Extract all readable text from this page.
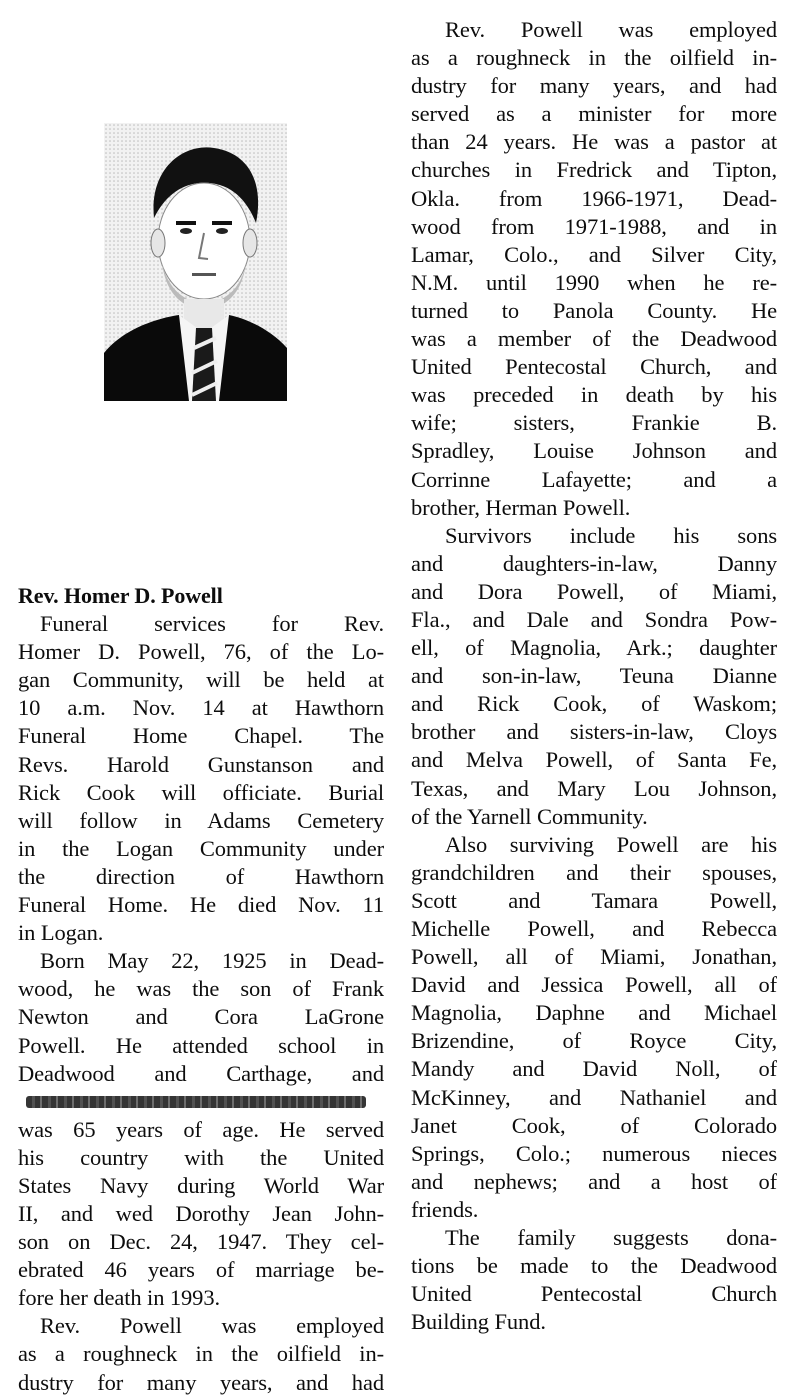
Rev. Homer D. Powell
Funeral services for Rev.
Homer D. Powell, 76, of the Lo-
gan Community, will be held at
10 a.m. Nov. 14 at Hawthorn
Funeral Home Chapel. The
Revs. Harold Gunstanson and
Rick Cook will officiate. Burial
will follow in Adams Cemetery
in the Logan Community under
the direction of Hawthorn
Funeral Home. He died Nov. 11
in Logan.
Born May 22, 1925 in Dead-
wood, he was the son of Frank
Newton and Cora LaGrone
Powell. He attended school in
Deadwood and Carthage, and
was 65 years of age. He served
his country with the United
States Navy during World War
II, and wed Dorothy Jean John-
son on Dec. 24, 1947. They cel-
ebrated 46 years of marriage be-
fore her death in 1993.
Rev. Powell was employed
as a roughneck in the oilfield in-
dustry for many years, and had
Rev. Powell was employed
as a roughneck in the oilfield in-
dustry for many years, and had
served as a minister for more
than 24 years. He was a pastor at
churches in Fredrick and Tipton,
Okla. from 1966-1971, Dead-
wood from 1971-1988, and in
Lamar, Colo., and Silver City,
N.M. until 1990 when he re-
turned to Panola County. He
was a member of the Deadwood
United Pentecostal Church, and
was preceded in death by his
wife; sisters, Frankie B.
Spradley, Louise Johnson and
Corrinne Lafayette; and a
brother, Herman Powell.
Survivors include his sons
and daughters-in-law, Danny
and Dora Powell, of Miami,
Fla., and Dale and Sondra Pow-
ell, of Magnolia, Ark.; daughter
and son-in-law, Teuna Dianne
and Rick Cook, of Waskom;
brother and sisters-in-law, Cloys
and Melva Powell, of Santa Fe,
Texas, and Mary Lou Johnson,
of the Yarnell Community.
Also surviving Powell are his
grandchildren and their spouses,
Scott and Tamara Powell,
Michelle Powell, and Rebecca
Powell, all of Miami, Jonathan,
David and Jessica Powell, all of
Magnolia, Daphne and Michael
Brizendine, of Royce City,
Mandy and David Noll, of
McKinney, and Nathaniel and
Janet Cook, of Colorado
Springs, Colo.; numerous nieces
and nephews; and a host of
friends.
The family suggests dona-
tions be made to the Deadwood
United Pentecostal Church
Building Fund.
